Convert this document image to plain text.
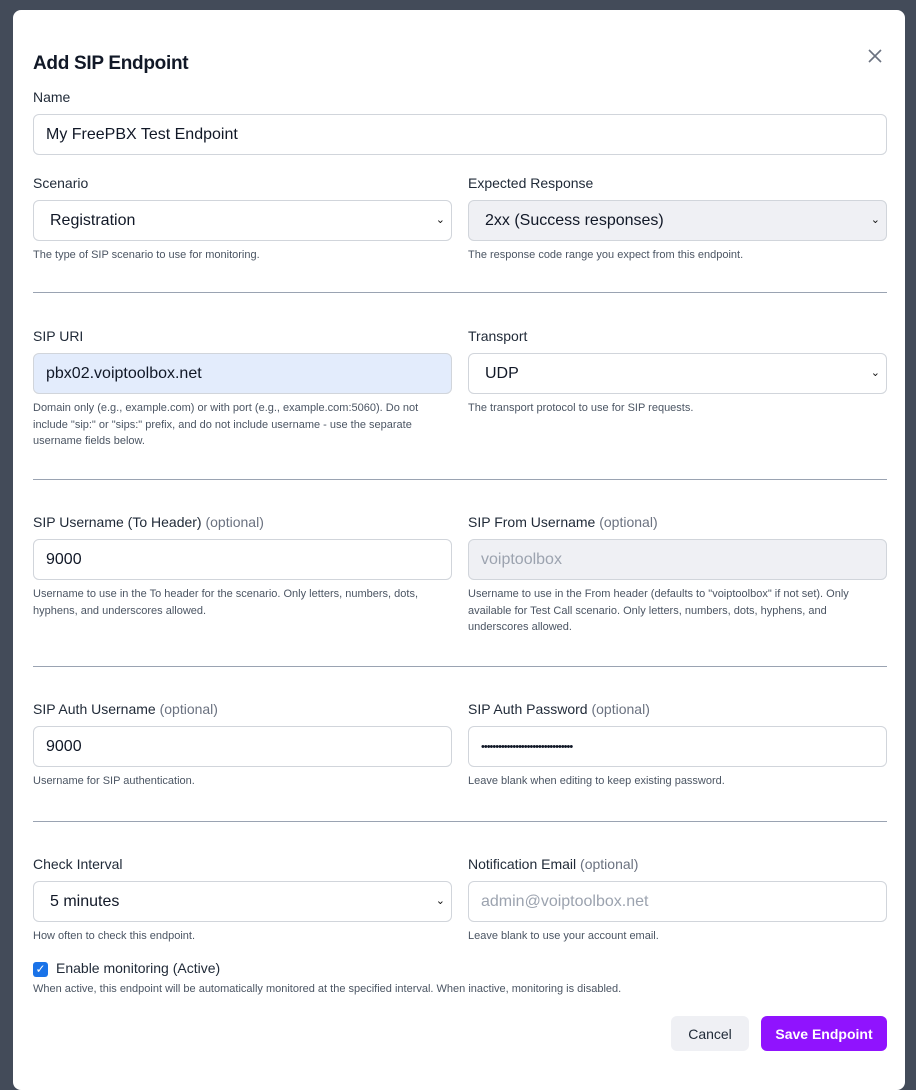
Add SIP Endpoint
Name
My FreePBX Test Endpoint
Scenario
Registration	⌄
The type of SIP scenario to use for monitoring.
Expected Response
2xx (Success responses)	⌄
The response code range you expect from this endpoint.
SIP URI
pbx02.voiptoolbox.net
Domain only (e.g., example.com) or with port (e.g., example.com:5060). Do not include "sip:" or "sips:" prefix, and do not include username - use the separate username fields below.
Transport
UDP	⌄
The transport protocol to use for SIP requests.
SIP Username (To Header) (optional)
9000
Username to use in the To header for the scenario. Only letters, numbers, dots, hyphens, and underscores allowed.
SIP From Username (optional)
voiptoolbox
Username to use in the From header (defaults to "voiptoolbox" if not set). Only available for Test Call scenario. Only letters, numbers, dots, hyphens, and underscores allowed.
SIP Auth Username (optional)
9000
Username for SIP authentication.
SIP Auth Password (optional)
••••••••••••••••••••••••••••••••
Leave blank when editing to keep existing password.
Check Interval
5 minutes	⌄
How often to check this endpoint.
Notification Email (optional)
admin@voiptoolbox.net
Leave blank to use your account email.
✓ Enable monitoring (Active)
When active, this endpoint will be automatically monitored at the specified interval. When inactive, monitoring is disabled.
Cancel	Save Endpoint
